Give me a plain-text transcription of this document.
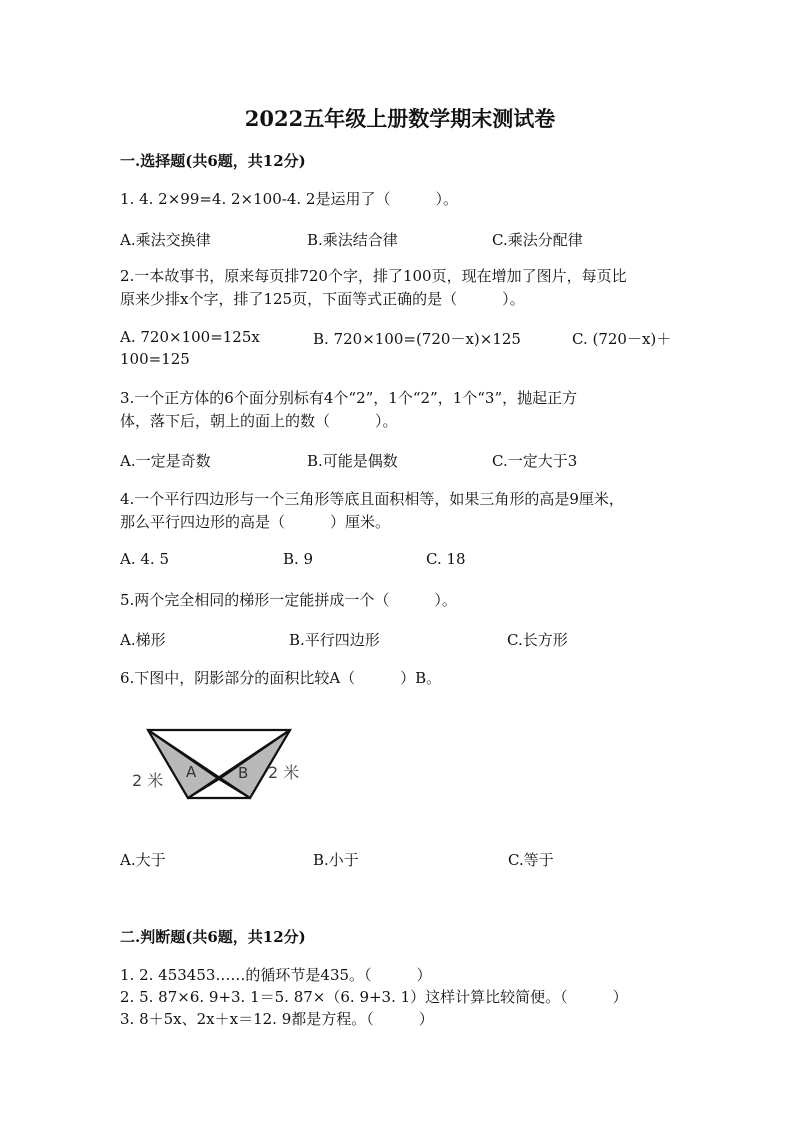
2022五年级上册数学期末测试卷
一.选择题(共6题，共12分)
1. 4. 2×99=4. 2×100-4. 2是运用了（　　　）。
A.乘法交换律	B.乘法结合律	C.乘法分配律
2.一本故事书，原来每页排720个字，排了100页，现在增加了图片，每页比
原来少排x个字，排了125页，下面等式正确的是（　　　）。
A. 720×100=125x	B. 720×100=(720－x)×125	C. (720－x)＋
100=125
3.一个正方体的6个面分别标有4个“2”，1个“2”，1个“3”，抛起正方
体，落下后，朝上的面上的数（　　　）。
A.一定是奇数	B.可能是偶数	C.一定大于3
4.一个平行四边形与一个三角形等底且面积相等，如果三角形的高是9厘米，
那么平行四边形的高是（　　　）厘米。
A. 4. 5	B. 9	C. 18
5.两个完全相同的梯形一定能拼成一个（　　　）。
A.梯形	B.平行四边形	C.长方形
6.下图中，阴影部分的面积比较A（　　　）B。
A	B
2 米	2 米
A.大于	B.小于	C.等于
二.判断题(共6题，共12分)
1. 2. 453453……的循环节是435。（　　　）
2. 5. 87×6. 9+3. 1＝5. 87×（6. 9+3. 1）这样计算比较简便。（　　　）
3. 8＋5x、2x＋x＝12. 9都是方程。（　　　）
